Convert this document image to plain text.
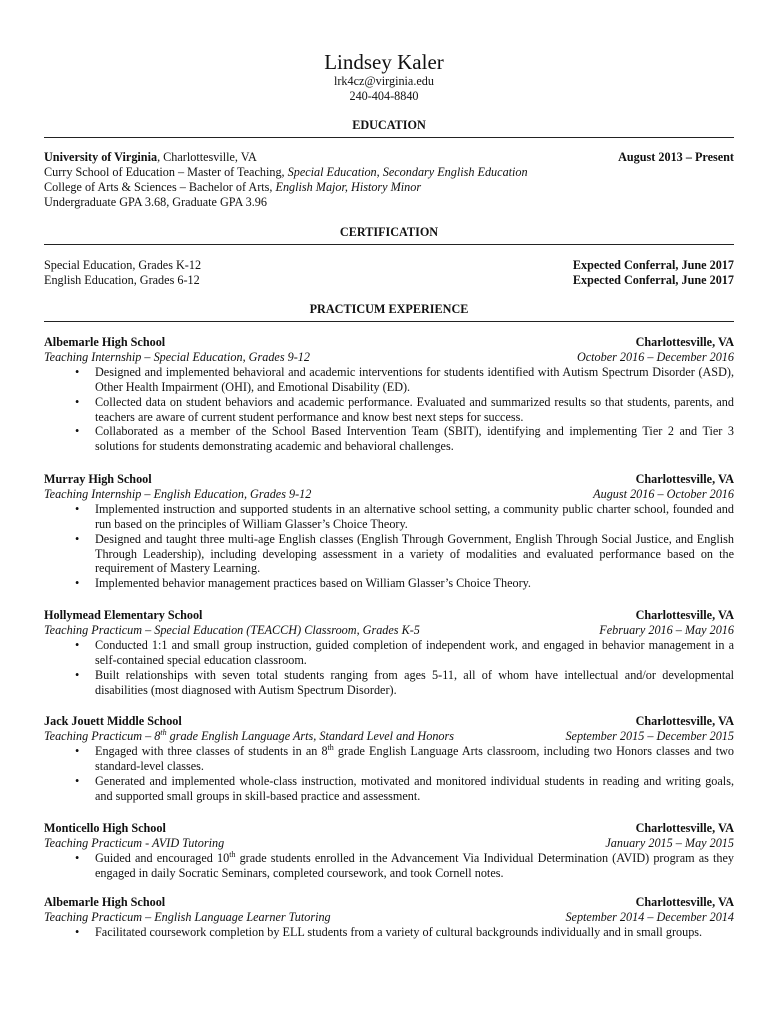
Lindsey Kaler
lrk4cz@virginia.edu
240-404-8840
EDUCATION
University of Virginia, Charlottesville, VA	August 2013 – Present
Curry School of Education – Master of Teaching, Special Education, Secondary English Education
College of Arts & Sciences – Bachelor of Arts, English Major, History Minor
Undergraduate GPA 3.68, Graduate GPA 3.96
CERTIFICATION
Special Education, Grades K-12	Expected Conferral, June 2017
English Education, Grades 6-12	Expected Conferral, June 2017
PRACTICUM EXPERIENCE
Albemarle High School	Charlottesville, VA
Teaching Internship – Special Education, Grades 9-12	October 2016 – December 2016
• Designed and implemented behavioral and academic interventions for students identified with Autism Spectrum Disorder (ASD), Other Health Impairment (OHI), and Emotional Disability (ED).
• Collected data on student behaviors and academic performance. Evaluated and summarized results so that students, parents, and teachers are aware of current student performance and know best next steps for success.
• Collaborated as a member of the School Based Intervention Team (SBIT), identifying and implementing Tier 2 and Tier 3 solutions for students demonstrating academic and behavioral challenges.
Murray High School	Charlottesville, VA
Teaching Internship – English Education, Grades 9-12	August 2016 – October 2016
• Implemented instruction and supported students in an alternative school setting, a community public charter school, founded and run based on the principles of William Glasser’s Choice Theory.
• Designed and taught three multi-age English classes (English Through Government, English Through Social Justice, and English Through Leadership), including developing assessment in a variety of modalities and evaluated performance based on the requirement of Mastery Learning.
• Implemented behavior management practices based on William Glasser’s Choice Theory.
Hollymead Elementary School	Charlottesville, VA
Teaching Practicum – Special Education (TEACCH) Classroom, Grades K-5	February 2016 – May 2016
• Conducted 1:1 and small group instruction, guided completion of independent work, and engaged in behavior management in a self-contained special education classroom.
• Built relationships with seven total students ranging from ages 5-11, all of whom have intellectual and/or developmental disabilities (most diagnosed with Autism Spectrum Disorder).
Jack Jouett Middle School	Charlottesville, VA
Teaching Practicum – 8th grade English Language Arts, Standard Level and Honors	September 2015 – December 2015
• Engaged with three classes of students in an 8th grade English Language Arts classroom, including two Honors classes and two standard-level classes.
• Generated and implemented whole-class instruction, motivated and monitored individual students in reading and writing goals, and supported small groups in skill-based practice and assessment.
Monticello High School	Charlottesville, VA
Teaching Practicum - AVID Tutoring	January 2015 – May 2015
• Guided and encouraged 10th grade students enrolled in the Advancement Via Individual Determination (AVID) program as they engaged in daily Socratic Seminars, completed coursework, and took Cornell notes.
Albemarle High School	Charlottesville, VA
Teaching Practicum – English Language Learner Tutoring	September 2014 – December 2014
• Facilitated coursework completion by ELL students from a variety of cultural backgrounds individually and in small groups.
